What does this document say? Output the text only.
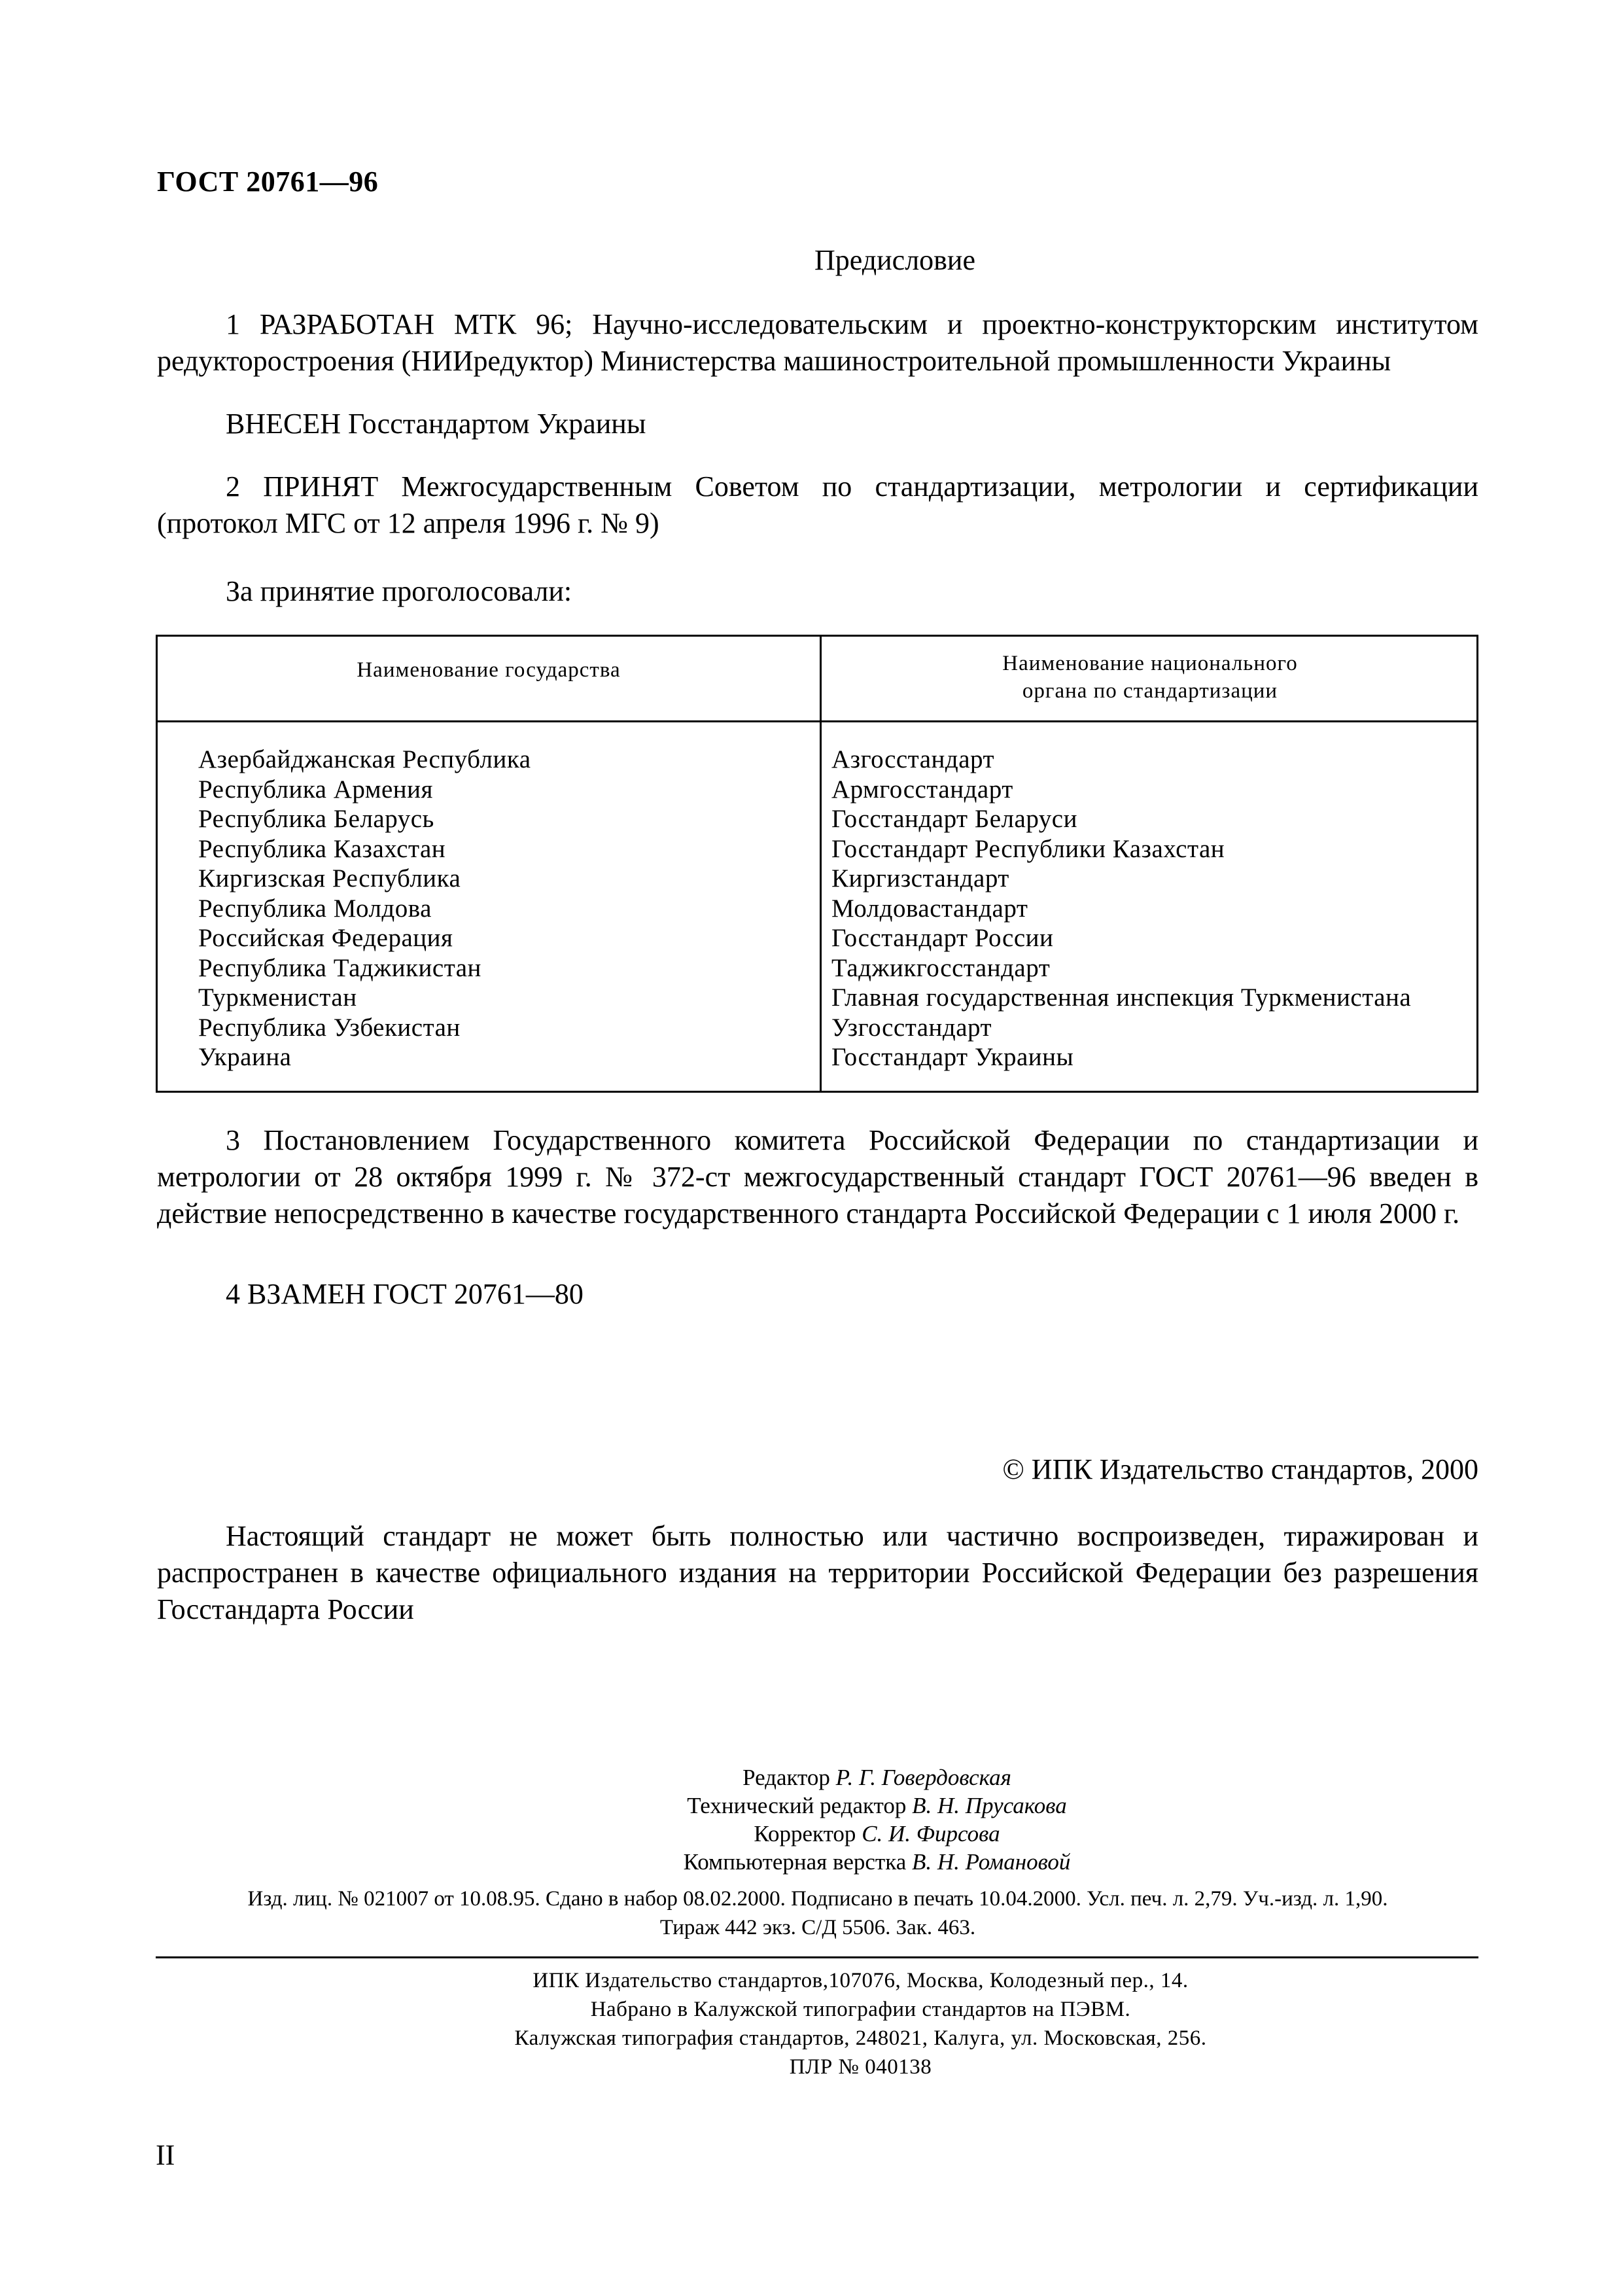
ГОСТ 20761—96
Предисловие

1 РАЗРАБОТАН МТК 96; Научно-исследовательским и проектно-конструкторским институтом редукторостроения (НИИредуктор) Министерства машиностроительной промышленности Украины

ВНЕСЕН Госстандартом Украины

2 ПРИНЯТ Межгосударственным Советом по стандартизации, метрологии и сертификации (протокол МГС от 12 апреля 1996 г. № 9)

За принятие проголосовали:

Наименование государства	Наименование национального
органа по стандартизации
Азербайджанская Республика
Республика Армения
Республика Беларусь
Республика Казахстан
Киргизская Республика
Республика Молдова
Российская Федерация
Республика Таджикистан
Туркменистан
Республика Узбекистан
Украина
Азгосстандарт
Армгосстандарт
Госстандарт Беларуси
Госстандарт Республики Казахстан
Киргизстандарт
Молдовастандарт
Госстандарт России
Таджикгосстандарт
Главная государственная инспекция Туркменистана
Узгосстандарт
Госстандарт Украины

3 Постановлением Государственного комитета Российской Федерации по стандартизации и метрологии от 28 октября 1999 г. № 372-ст межгосударственный стандарт ГОСТ 20761—96 введен в действие непосредственно в качестве государственного стандарта Российской Федерации с 1 июля 2000 г.

4 ВЗАМЕН ГОСТ 20761—80

© ИПК Издательство стандартов, 2000

Настоящий стандарт не может быть полностью или частично воспроизведен, тиражирован и распространен в качестве официального издания на территории Российской Федерации без разрешения Госстандарта России

Редактор Р. Г. Говердовская
Технический редактор В. Н. Прусакова
Корректор С. И. Фирсова
Компьютерная верстка В. Н. Романовой
Изд. лиц. № 021007 от 10.08.95. Сдано в набор 08.02.2000. Подписано в печать 10.04.2000. Усл. печ. л. 2,79. Уч.-изд. л. 1,90.
Тираж 442 экз. С/Д 5506. Зак. 463.
ИПК Издательство стандартов,107076, Москва, Колодезный пер., 14.
Набрано в Калужской типографии стандартов на ПЭВМ.
Калужская типография стандартов, 248021, Калуга, ул. Московская, 256.
ПЛР № 040138
II
